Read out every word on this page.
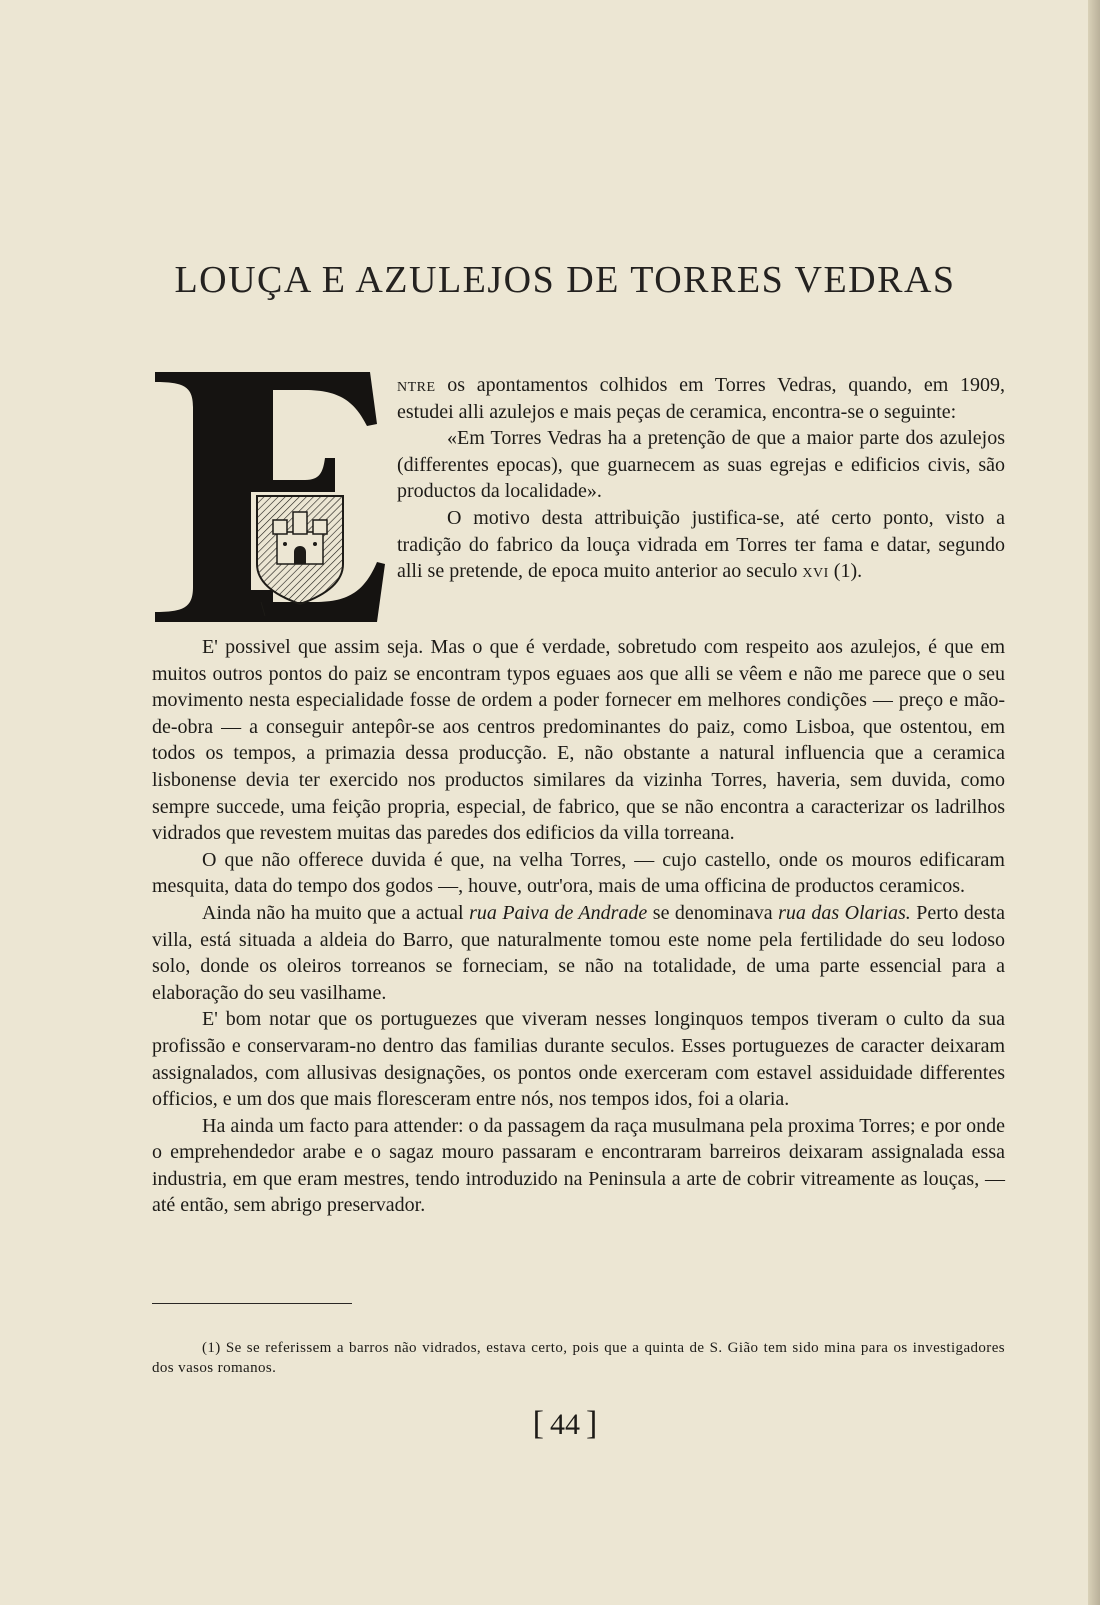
LOUÇA E AZULEJOS DE TORRES VEDRAS

ntre os apontamentos colhidos em Torres Vedras, quando, em 1909, estudei alli azulejos e mais peças de ceramica, encontra-se o seguinte:

«Em Torres Vedras ha a pretenção de que a maior parte dos azulejos (differentes epocas), que guarnecem as suas egrejas e edificios civis, são productos da localidade».

O motivo desta attribuição justifica-se, até certo ponto, visto a tradição do fabrico da louça vidrada em Torres ter fama e datar, segundo alli se pretende, de epoca muito anterior ao seculo xvi (1).

E' possivel que assim seja. Mas o que é verdade, sobretudo com respeito aos azulejos, é que em muitos outros pontos do paiz se encontram typos eguaes aos que alli se vêem e não me parece que o seu movimento nesta especialidade fosse de ordem a poder fornecer em melhores condições — preço e mão-de-obra — a conseguir antepôr-se aos centros predominantes do paiz, como Lisboa, que ostentou, em todos os tempos, a primazia dessa producção. E, não obstante a natural influencia que a ceramica lisbonense devia ter exercido nos productos similares da vizinha Torres, haveria, sem duvida, como sempre succede, uma feição propria, especial, de fabrico, que se não encontra a caracterizar os ladrilhos vidrados que revestem muitas das paredes dos edificios da villa torreana.

O que não offerece duvida é que, na velha Torres, — cujo castello, onde os mouros edificaram mesquita, data do tempo dos godos —, houve, outr'ora, mais de uma officina de productos ceramicos.

Ainda não ha muito que a actual rua Paiva de Andrade se denominava rua das Olarias. Perto desta villa, está situada a aldeia do Barro, que naturalmente tomou este nome pela fertilidade do seu lodoso solo, donde os oleiros torreanos se forneciam, se não na totalidade, de uma parte essencial para a elaboração do seu vasilhame.

E' bom notar que os portuguezes que viveram nesses longinquos tempos tiveram o culto da sua profissão e conservaram-no dentro das familias durante seculos. Esses portuguezes de caracter deixaram assignalados, com allusivas designações, os pontos onde exerceram com estavel assiduidade differentes officios, e um dos que mais floresceram entre nós, nos tempos idos, foi a olaria.

Ha ainda um facto para attender: o da passagem da raça musulmana pela proxima Torres; e por onde o emprehendedor arabe e o sagaz mouro passaram e encontraram barreiros deixaram assignalada essa industria, em que eram mestres, tendo introduzido na Peninsula a arte de cobrir vitreamente as louças, — até então, sem abrigo preservador.

(1) Se se referissem a barros não vidrados, estava certo, pois que a quinta de S. Gião tem sido mina para os investigadores dos vasos romanos.

[ 44 ]
